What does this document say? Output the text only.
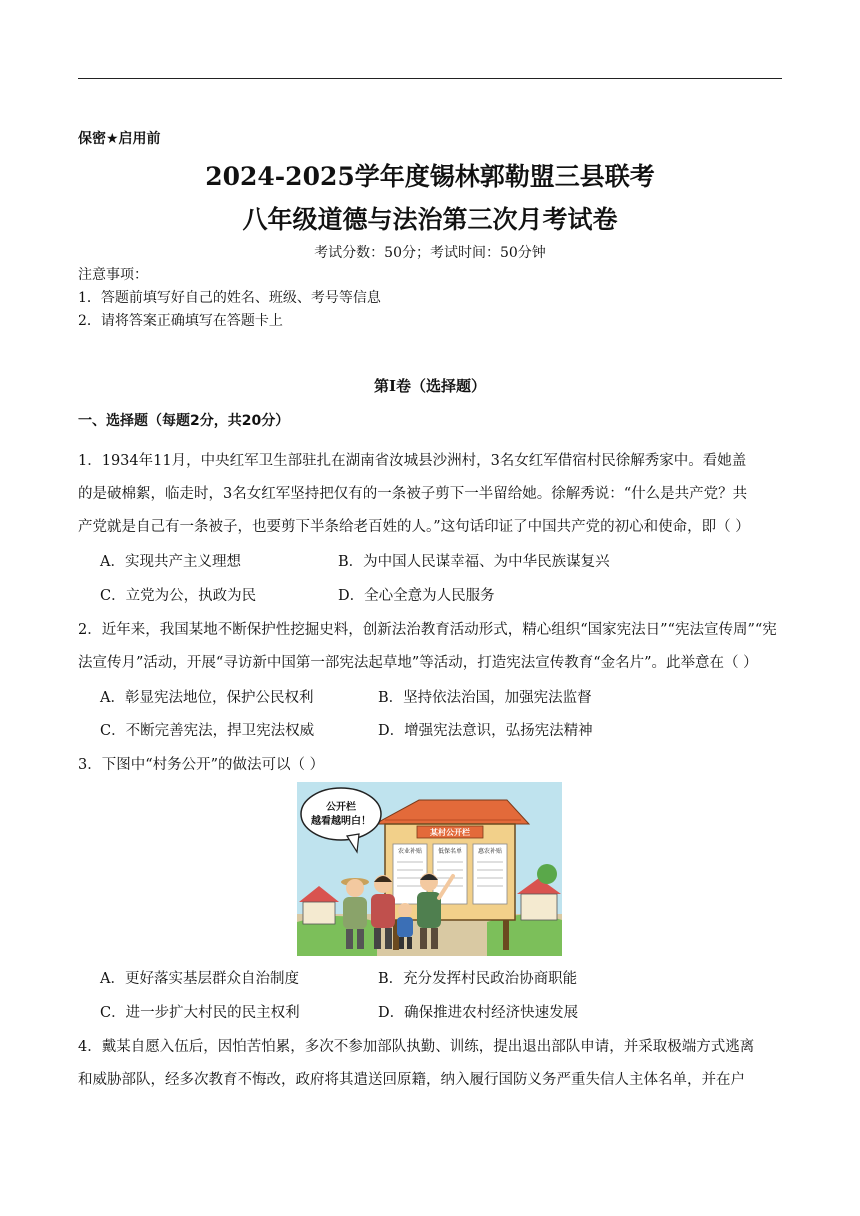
保密★启用前
2024-2025学年度锡林郭勒盟三县联考
八年级道德与法治第三次月考试卷
考试分数：50分；考试时间：50分钟
注意事项：
1．答题前填写好自己的姓名、班级、考号等信息
2．请将答案正确填写在答题卡上
第I卷（选择题）
一、选择题（每题2分，共20分）
1．1934年11月，中央红军卫生部驻扎在湖南省汝城县沙洲村，3名女红军借宿村民徐解秀家中。看她盖
的是破棉絮，临走时，3名女红军坚持把仅有的一条被子剪下一半留给她。徐解秀说：“什么是共产党？共
产党就是自己有一条被子，也要剪下半条给老百姓的人。”这句话印证了中国共产党的初心和使命，即（ ）
A．实现共产主义理想	B．为中国人民谋幸福、为中华民族谋复兴
C．立党为公，执政为民	D．全心全意为人民服务
2．近年来，我国某地不断保护性挖掘史料，创新法治教育活动形式，精心组织“国家宪法日”“宪法宣传周”“宪
法宣传月”活动，开展“寻访新中国第一部宪法起草地”等活动，打造宪法宣传教育“金名片”。此举意在（ ）
A．彰显宪法地位，保护公民权利	B．坚持依法治国，加强宪法监督
C．不断完善宪法，捍卫宪法权威	D．增强宪法意识，弘扬宪法精神
3．下图中“村务公开”的做法可以（ ）
某村公开栏
农业补贴	低保名单	惠农补贴
公开栏
越看越明白！
A．更好落实基层群众自治制度	B．充分发挥村民政治协商职能
C．进一步扩大村民的民主权利	D．确保推进农村经济快速发展
4．戴某自愿入伍后，因怕苦怕累，多次不参加部队执勤、训练，提出退出部队申请，并采取极端方式逃离
和威胁部队，经多次教育不悔改，政府将其遣送回原籍，纳入履行国防义务严重失信人主体名单，并在户
